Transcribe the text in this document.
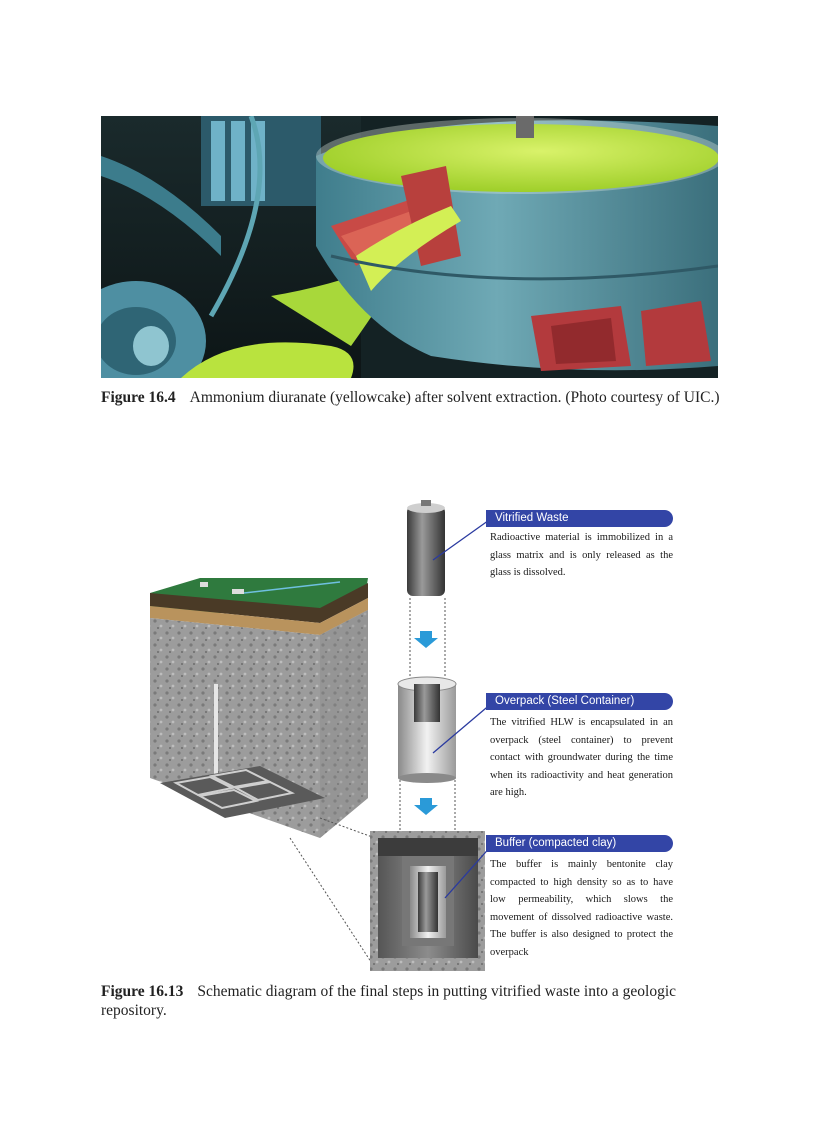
Figure 16.4 Ammonium diuranate (yellowcake) after solvent extraction. (Photo courtesy of UIC.)
Vitrified Waste
Radioactive material is immobilized in a glass matrix and is only released as the glass is dissolved.
Overpack (Steel Container)
The vitrified HLW is encapsulated in an overpack (steel container) to prevent contact with groundwater during the time when its radioactivity and heat generation are high.
Buffer (compacted clay)
The buffer is mainly bentonite clay compacted to high density so as to have low permeability, which slows the movement of dissolved radioactive waste. The buffer is also designed to protect the overpack
Figure 16.13 Schematic diagram of the final steps in putting vitrified waste into a geologic repository.
